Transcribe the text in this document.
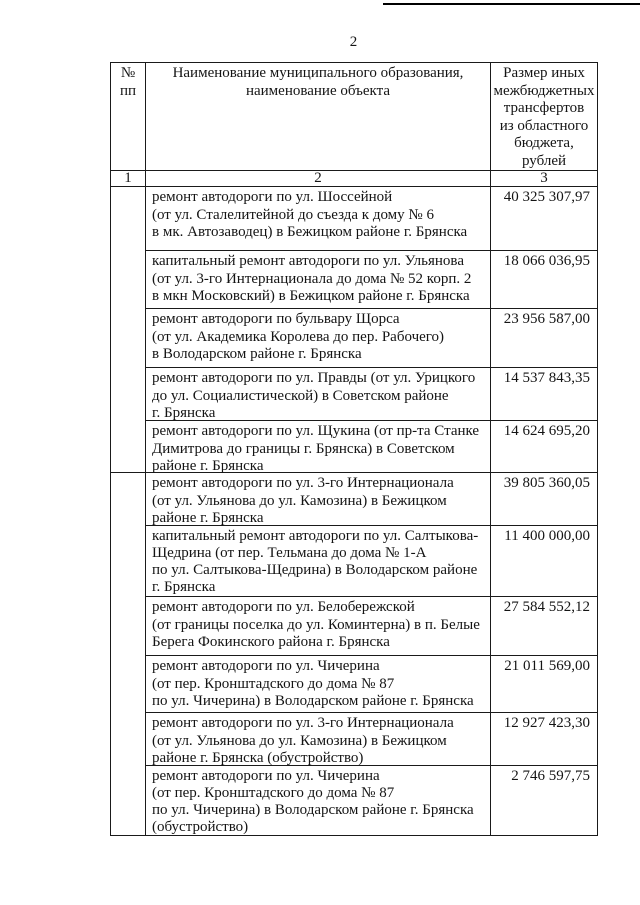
2
№
пп
Наименование муниципального образования,
наименование объекта
Размер иных
межбюджетных
трансфертов
из областного
бюджета,
рублей
1	2	3
ремонт автодороги по ул. Шоссейной
(от ул. Сталелитейной до съезда к дому № 6
в мк. Автозаводец) в Бежицком районе г. Брянска
40 325 307,97
капитальный ремонт автодороги по ул. Ульянова
(от ул. 3-го Интернационала до дома № 52 корп. 2
в мкн Московский) в Бежицком районе г. Брянска
18 066 036,95
ремонт автодороги по бульвару Щорса
(от ул. Академика Королева до пер. Рабочего)
в Володарском районе г. Брянска
23 956 587,00
ремонт автодороги по ул. Правды (от ул. Урицкого
до ул. Социалистической) в Советском районе
г. Брянска
14 537 843,35
ремонт автодороги по ул. Щукина (от пр-та Станке
Димитрова до границы г. Брянска) в Советском
районе г. Брянска
14 624 695,20
ремонт автодороги по ул. 3-го Интернационала
(от ул. Ульянова до ул. Камозина) в Бежицком
районе г. Брянска
39 805 360,05
капитальный ремонт автодороги по ул. Салтыкова-
Щедрина (от пер. Тельмана до дома № 1-А
по ул. Салтыкова-Щедрина) в Володарском районе
г. Брянска
11 400 000,00
ремонт автодороги по ул. Белобережской
(от границы поселка до ул. Коминтерна) в п. Белые
Берега Фокинского района г. Брянска
27 584 552,12
ремонт автодороги по ул. Чичерина
(от пер. Кронштадского до дома № 87
по ул. Чичерина) в Володарском районе г. Брянска
21 011 569,00
ремонт автодороги по ул. 3-го Интернационала
(от ул. Ульянова до ул. Камозина) в Бежицком
районе г. Брянска (обустройство)
12 927 423,30
ремонт автодороги по ул. Чичерина
(от пер. Кронштадского до дома № 87
по ул. Чичерина) в Володарском районе г. Брянска
(обустройство)
2 746 597,75
